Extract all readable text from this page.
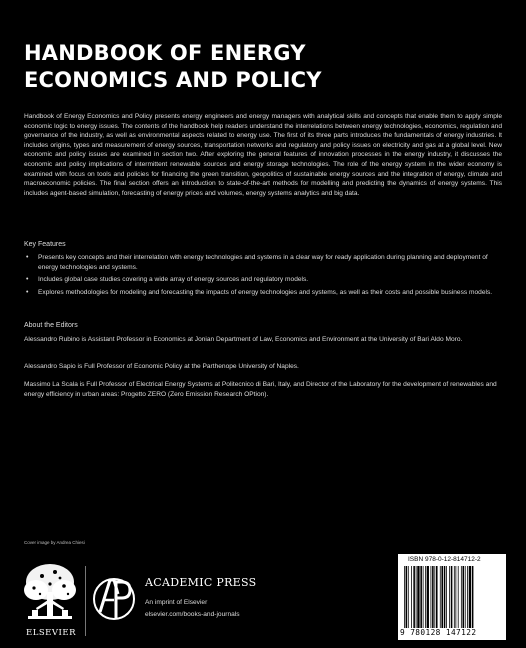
HANDBOOK OF ENERGY
ECONOMICS AND POLICY

Handbook of Energy Economics and Policy presents energy engineers and energy managers with analytical skills and concepts that enable them to apply simple economic logic to energy issues. The contents of the handbook help readers understand the interrelations between energy technologies, economics, regulation and governance of the industry, as well as environmental aspects related to energy use. The first of its three parts introduces the fundamentals of energy industries. It includes origins, types and measurement of energy sources, transportation networks and regulatory and policy issues on electricity and gas at a global level. New economic and policy issues are examined in section two. After exploring the general features of innovation processes in the energy industry, it discusses the economic and policy implications of intermittent renewable sources and energy storage technologies. The role of the energy system in the wider economy is examined with focus on tools and policies for financing the green transition, geopolitics of sustainable energy sources and the integration of energy, climate and macroeconomic policies. The final section offers an introduction to state-of-the-art methods for modelling and predicting the dynamics of energy systems. This includes agent-based simulation, forecasting of energy prices and volumes, energy systems analytics and big data.

Key Features

• Presents key concepts and their interrelation with energy technologies and systems in a clear way for ready application during planning and deployment of energy technologies and systems.
• Includes global case studies covering a wide array of energy sources and regulatory models.
• Explores methodologies for modeling and forecasting the impacts of energy technologies and systems, as well as their costs and possible business models.

About the Editors

Alessandro Rubino is Assistant Professor in Economics at Jonian Department of Law, Economics and Environment at the University of Bari Aldo Moro.

Alessandro Sapio is Full Professor of Economic Policy at the Parthenope University of Naples.

Massimo La Scala is Full Professor of Electrical Energy Systems at Politecnico di Bari, Italy, and Director of the Laboratory for the development of renewables and energy efficiency in urban areas: Progetto ZERO (Zero Emission Research OPtion).

Cover image by Andrea Chiesi

ELSEVIER

ACADEMIC PRESS

An imprint of Elsevier

elsevier.com/books-and-journals

ISBN 978-0-12-814712-2

9 780128 147122
